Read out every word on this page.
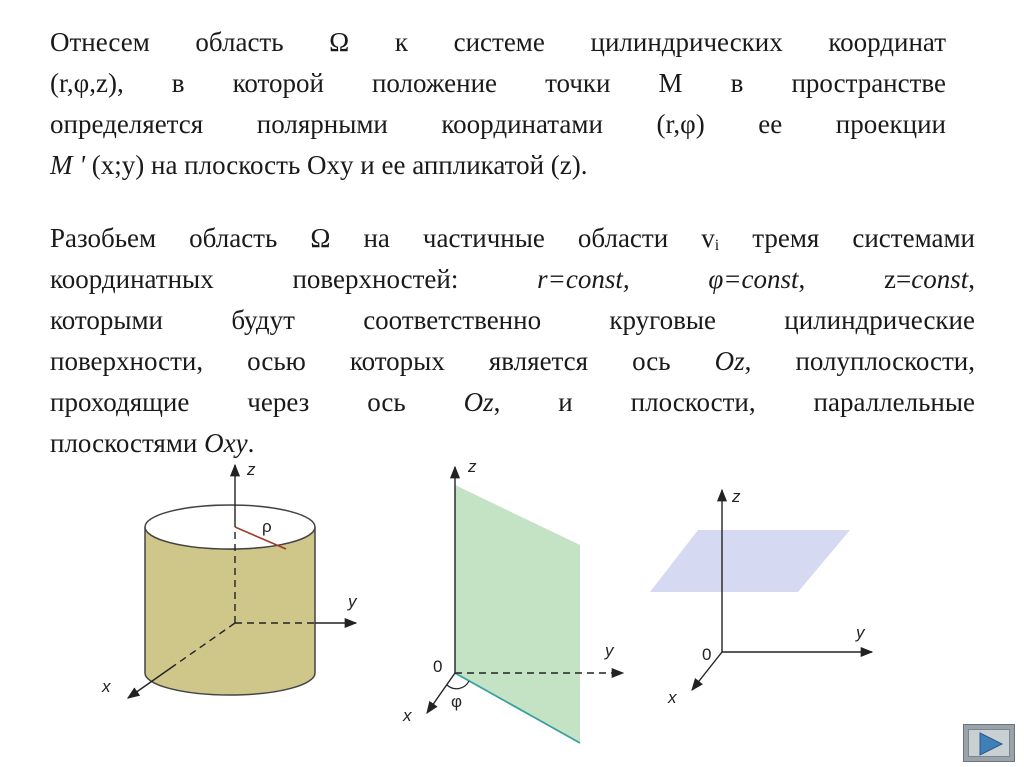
Отнесем область Ω к системе цилиндрических координат
(r,φ,z), в которой положение точки М в пространстве
определяется полярными координатами (r,φ) ее проекции
M ' (x;y) на плоскость Oxy и ее аппликатой (z).
Разобьем область Ω на частичные области $v_i$ тремя системами
координатных поверхностей: r=const,	φ=const, z=const,
которыми будут соответственно круговые цилиндрические
поверхности, осью которых является ось Oz, полуплоскости,
проходящие через ось Oz, и плоскости, параллельные
плоскостями Oxy.
ρ
z
y
x
z
y
x
0
φ
z
y
x
0
